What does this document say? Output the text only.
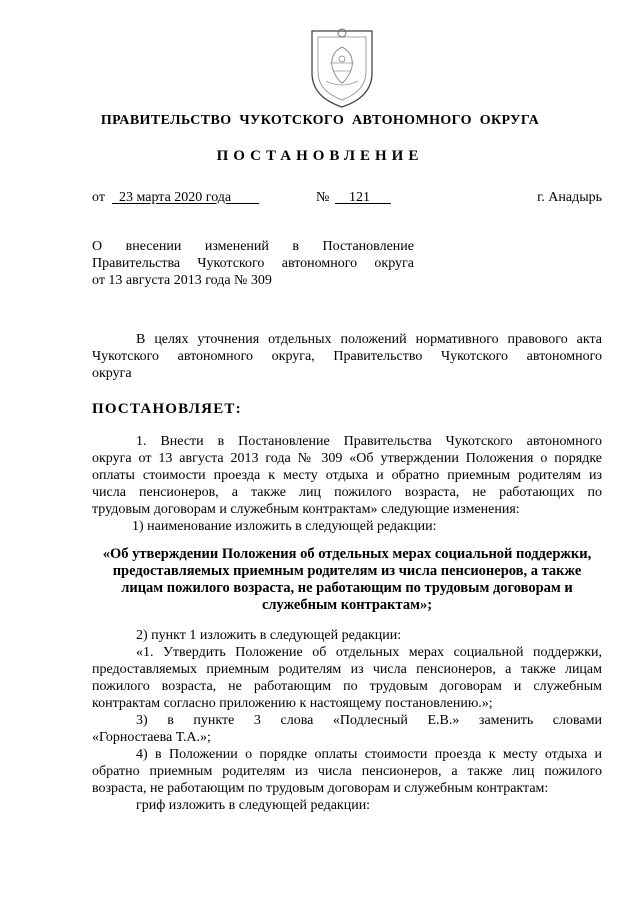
ПРАВИТЕЛЬСТВО  ЧУКОТСКОГО  АВТОНОМНОГО  ОКРУГА
ПОСТАНОВЛЕНИЕ
от	23 марта 2020 года	№	121	г. Анадырь
О внесении изменений в Постановление
Правительства Чукотского автономного округа
от 13 августа 2013 года № 309
В целях уточнения отдельных положений нормативного правового акта
Чукотского автономного округа, Правительство Чукотского автономного
округа
ПОСТАНОВЛЯЕТ:
1. Внести в Постановление Правительства Чукотского автономного
округа от 13 августа 2013 года № 309 «Об утверждении Положения о порядке
оплаты стоимости проезда к месту отдыха и обратно приемным родителям из
числа пенсионеров, а также лиц пожилого возраста, не работающих по
трудовым договорам и служебным контрактам» следующие изменения:
1) наименование изложить в следующей редакции:
«Об утверждении Положения об отдельных мерах социальной поддержки,
предоставляемых приемным родителям из числа пенсионеров, а также
лицам пожилого возраста, не работающим по трудовым договорам и
служебным контрактам»;
2) пункт 1 изложить в следующей редакции:
«1. Утвердить Положение об отдельных мерах социальной поддержки,
предоставляемых приемным родителям из числа пенсионеров, а также лицам
пожилого возраста, не работающим по трудовым договорам и служебным
контрактам согласно приложению к настоящему постановлению.»;
3) в пункте 3 слова «Подлесный Е.В.» заменить словами
«Горностаева Т.А.»;
4) в Положении о порядке оплаты стоимости проезда к месту отдыха и
обратно приемным родителям из числа пенсионеров, а также лиц пожилого
возраста, не работающим по трудовым договорам и служебным контрактам:
гриф изложить в следующей редакции:
